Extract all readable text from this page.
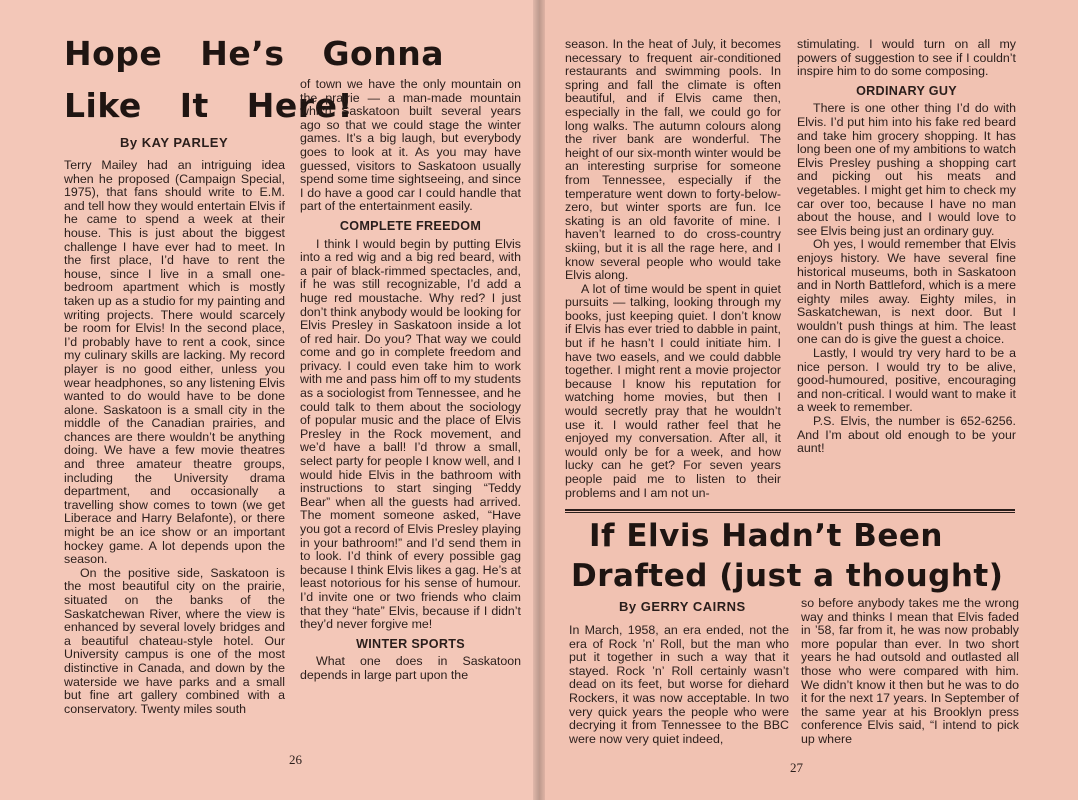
Hope He’s Gonna Like It Here!
By KAY PARLEY

Terry Mailey had an intriguing idea when he proposed (Campaign Special, 1975), that fans should write to E.M. and tell how they would entertain Elvis if he came to spend a week at their house. This is just about the biggest challenge I have ever had to meet. In the first place, I’d have to rent the house, since I live in a small one-bedroom apartment which is mostly taken up as a studio for my painting and writing projects. There would scarcely be room for Elvis! In the second place, I’d probably have to rent a cook, since my culinary skills are lacking. My record player is no good either, unless you wear headphones, so any listening Elvis wanted to do would have to be done alone. Saskatoon is a small city in the middle of the Canadian prairies, and chances are there wouldn’t be anything doing. We have a few movie theatres and three amateur theatre groups, including the University drama department, and occasionally a travelling show comes to town (we get Liberace and Harry Belafonte), or there might be an ice show or an important hockey game. A lot depends upon the season.

On the positive side, Saskatoon is the most beautiful city on the prairie, situated on the banks of the Saskatchewan River, where the view is enhanced by several lovely bridges and a beautiful chateau-style hotel. Our University campus is one of the most distinctive in Canada, and down by the waterside we have parks and a small but fine art gallery combined with a conservatory. Twenty miles south

of town we have the only mountain on the prairie — a man-made mountain which Saskatoon built several years ago so that we could stage the winter games. It’s a big laugh, but everybody goes to look at it. As you may have guessed, visitors to Saskatoon usually spend some time sightseeing, and since I do have a good car I could handle that part of the entertainment easily.

COMPLETE FREEDOM

I think I would begin by putting Elvis into a red wig and a big red beard, with a pair of black-rimmed spectacles, and, if he was still recognizable, I’d add a huge red moustache. Why red? I just don’t think anybody would be looking for Elvis Presley in Saskatoon inside a lot of red hair. Do you? That way we could come and go in complete freedom and privacy. I could even take him to work with me and pass him off to my students as a sociologist from Tennessee, and he could talk to them about the sociology of popular music and the place of Elvis Presley in the Rock movement, and we’d have a ball! I’d throw a small, select party for people I know well, and I would hide Elvis in the bathroom with instructions to start singing “Teddy Bear” when all the guests had arrived. The moment someone asked, “Have you got a record of Elvis Presley playing in your bathroom!” and I’d send them in to look. I’d think of every possible gag because I think Elvis likes a gag. He’s at least notorious for his sense of humour. I’d invite one or two friends who claim that they “hate” Elvis, because if I didn’t they’d never forgive me!

WINTER SPORTS

What one does in Saskatoon depends in large part upon the

26

season. In the heat of July, it becomes necessary to frequent air-conditioned restaurants and swimming pools. In spring and fall the climate is often beautiful, and if Elvis came then, especially in the fall, we could go for long walks. The autumn colours along the river bank are wonderful. The height of our six-month winter would be an interesting surprise for someone from Tennessee, especially if the temperature went down to forty-below-zero, but winter sports are fun. Ice skating is an old favorite of mine. I haven’t learned to do cross-country skiing, but it is all the rage here, and I know several people who would take Elvis along.

A lot of time would be spent in quiet pursuits — talking, looking through my books, just keeping quiet. I don’t know if Elvis has ever tried to dabble in paint, but if he hasn’t I could initiate him. I have two easels, and we could dabble together. I might rent a movie projector because I know his reputation for watching home movies, but then I would secretly pray that he wouldn’t use it. I would rather feel that he enjoyed my conversation. After all, it would only be for a week, and how lucky can he get? For seven years people paid me to listen to their problems and I am not un-

stimulating. I would turn on all my powers of suggestion to see if I couldn’t inspire him to do some composing.

ORDINARY GUY

There is one other thing I’d do with Elvis. I’d put him into his fake red beard and take him grocery shopping. It has long been one of my ambitions to watch Elvis Presley pushing a shopping cart and picking out his meats and vegetables. I might get him to check my car over too, because I have no man about the house, and I would love to see Elvis being just an ordinary guy.

Oh yes, I would remember that Elvis enjoys history. We have several fine historical museums, both in Saskatoon and in North Battleford, which is a mere eighty miles away. Eighty miles, in Saskatchewan, is next door. But I wouldn’t push things at him. The least one can do is give the guest a choice.

Lastly, I would try very hard to be a nice person. I would try to be alive, good-humoured, positive, encouraging and non-critical. I would want to make it a week to remember.

P.S. Elvis, the number is 652-6256. And I’m about old enough to be your aunt!

If Elvis Hadn’t Been
Drafted (just a thought)
By GERRY CAIRNS

In March, 1958, an era ended, not the era of Rock ’n’ Roll, but the man who put it together in such a way that it stayed. Rock ’n’ Roll certainly wasn’t dead on its feet, but worse for diehard Rockers, it was now acceptable. In two very quick years the people who were decrying it from Tennessee to the BBC were now very quiet indeed,

so before anybody takes me the wrong way and thinks I mean that Elvis faded in ’58, far from it, he was now probably more popular than ever. In two short years he had outsold and outlasted all those who were compared with him. We didn’t know it then but he was to do it for the next 17 years. In September of the same year at his Brooklyn press conference Elvis said, “I intend to pick up where

27
